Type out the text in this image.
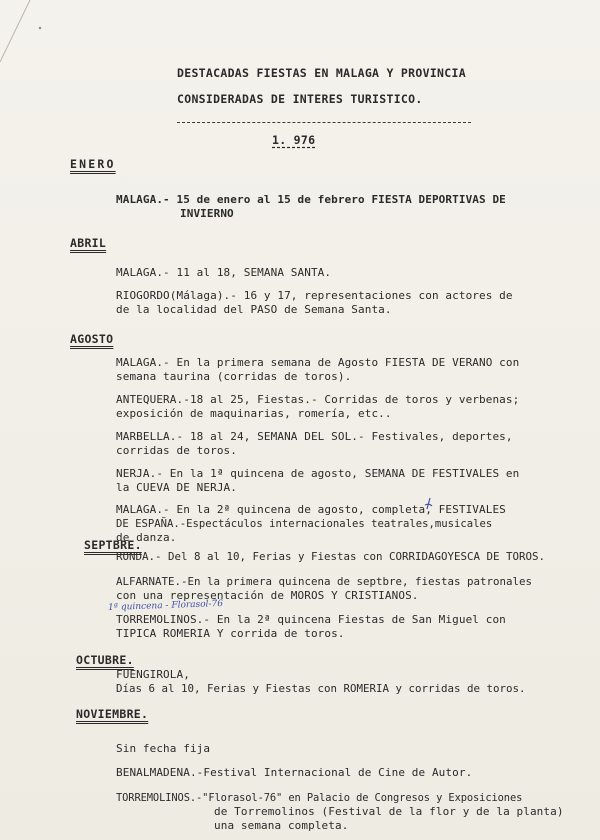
DESTACADAS FIESTAS EN MALAGA Y PROVINCIA
CONSIDERADAS DE INTERES TURISTICO.
1. 976
ENERO
MALAGA.- 15 de enero al 15 de febrero FIESTA DEPORTIVAS DE
INVIERNO
ABRIL
MALAGA.- 11 al 18, SEMANA SANTA.
RIOGORDO(Málaga).- 16 y 17, representaciones con actores de
de la localidad del PASO de Semana Santa.
AGOSTO
MALAGA.- En la primera semana de Agosto FIESTA DE VERANO con
semana taurina (corridas de toros).
ANTEQUERA.-18 al 25, Fiestas.- Corridas de toros y verbenas;
exposición de maquinarias, romería, etc..
MARBELLA.- 18 al 24, SEMANA DEL SOL.- Festivales, deportes,
corridas de toros.
NERJA.- En la 1ª quincena de agosto, SEMANA DE FESTIVALES en
la CUEVA DE NERJA.
MALAGA.- En la 2ª quincena de agosto, completa, FESTIVALES
DE ESPAÑA.-Espectáculos internacionales teatrales,musicales
de danza.
SEPTBRE.
RONDA.- Del 8 al 10, Ferias y Fiestas con CORRIDAGOYESCA DE TOROS.
ALFARNATE.-En la primera quincena de septbre, fiestas patronales
con una representación de MOROS Y CRISTIANOS.
1ª quincena - Florasol-76
TORREMOLINOS.- En la 2ª quincena Fiestas de San Miguel con
TIPICA ROMERIA Y corrida de toros.
OCTUBRE.
FUENGIROLA,
Días 6 al 10, Ferias y Fiestas con ROMERIA y corridas de toros.
NOVIEMBRE.
Sin fecha fija
BENALMADENA.-Festival Internacional de Cine de Autor.
TORREMOLINOS.-"Florasol-76" en Palacio de Congresos y Exposiciones
de Torremolinos (Festival de la flor y de la planta)
una semana completa.
